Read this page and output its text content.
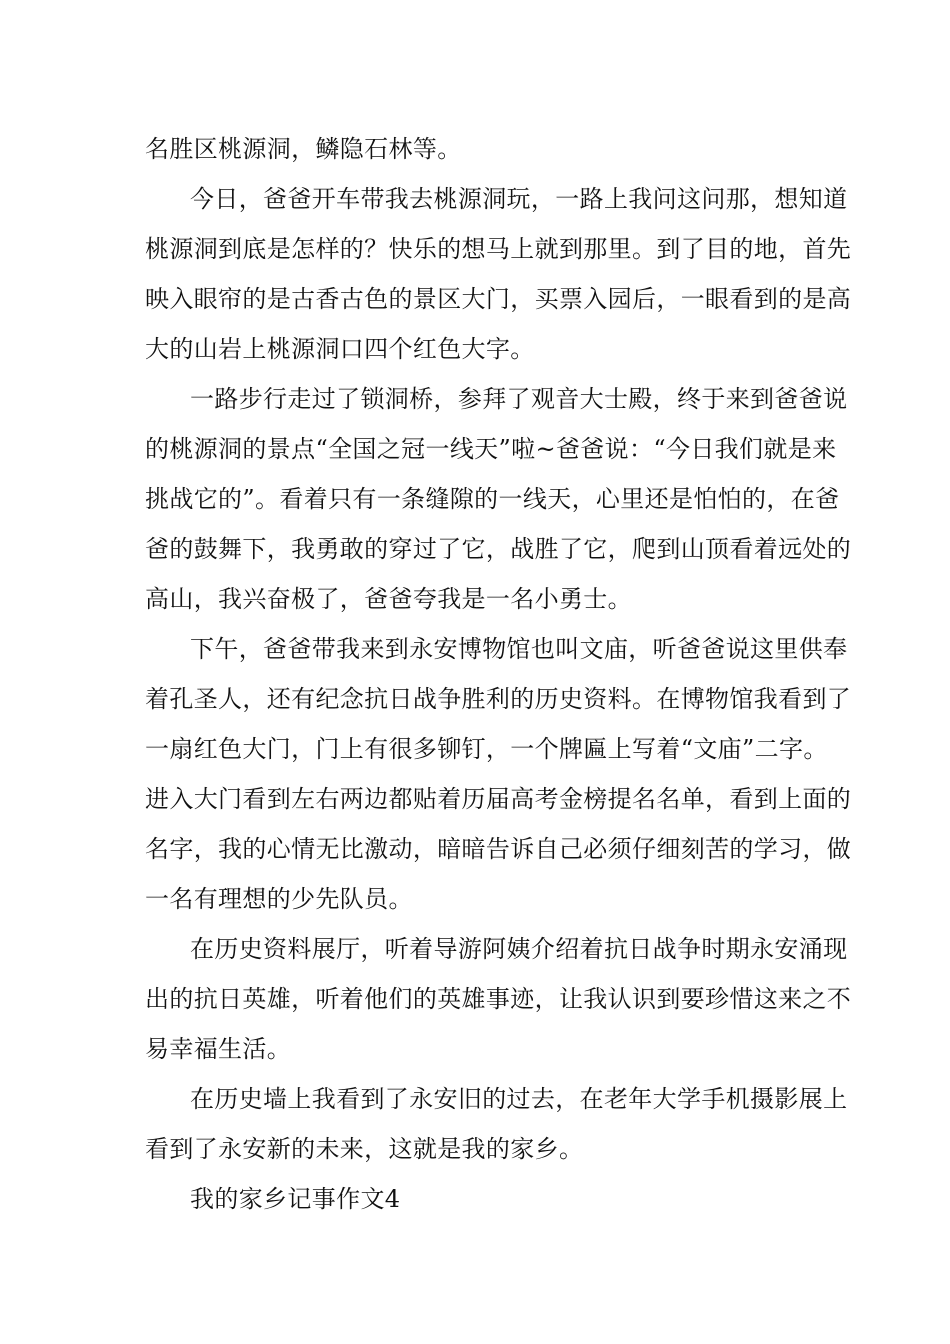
名胜区桃源洞，鳞隐石林等。
今日，爸爸开车带我去桃源洞玩，一路上我问这问那，想知道
桃源洞到底是怎样的？快乐的想马上就到那里。到了目的地，首先
映入眼帘的是古香古色的景区大门，买票入园后，一眼看到的是高
大的山岩上桃源洞口四个红色大字。
一路步行走过了锁洞桥，参拜了观音大士殿，终于来到爸爸说
的桃源洞的景点“全国之冠一线天”啦~爸爸说：“今日我们就是来
挑战它的”。看着只有一条缝隙的一线天，心里还是怕怕的，在爸
爸的鼓舞下，我勇敢的穿过了它，战胜了它，爬到山顶看着远处的
高山，我兴奋极了，爸爸夸我是一名小勇士。
下午，爸爸带我来到永安博物馆也叫文庙，听爸爸说这里供奉
着孔圣人，还有纪念抗日战争胜利的历史资料。在博物馆我看到了
一扇红色大门，门上有很多铆钉，一个牌匾上写着“文庙”二字。
进入大门看到左右两边都贴着历届高考金榜提名名单，看到上面的
名字，我的心情无比激动，暗暗告诉自己必须仔细刻苦的学习，做
一名有理想的少先队员。
在历史资料展厅，听着导游阿姨介绍着抗日战争时期永安涌现
出的抗日英雄，听着他们的英雄事迹，让我认识到要珍惜这来之不
易幸福生活。
在历史墙上我看到了永安旧的过去，在老年大学手机摄影展上
看到了永安新的未来，这就是我的家乡。
我的家乡记事作文4
